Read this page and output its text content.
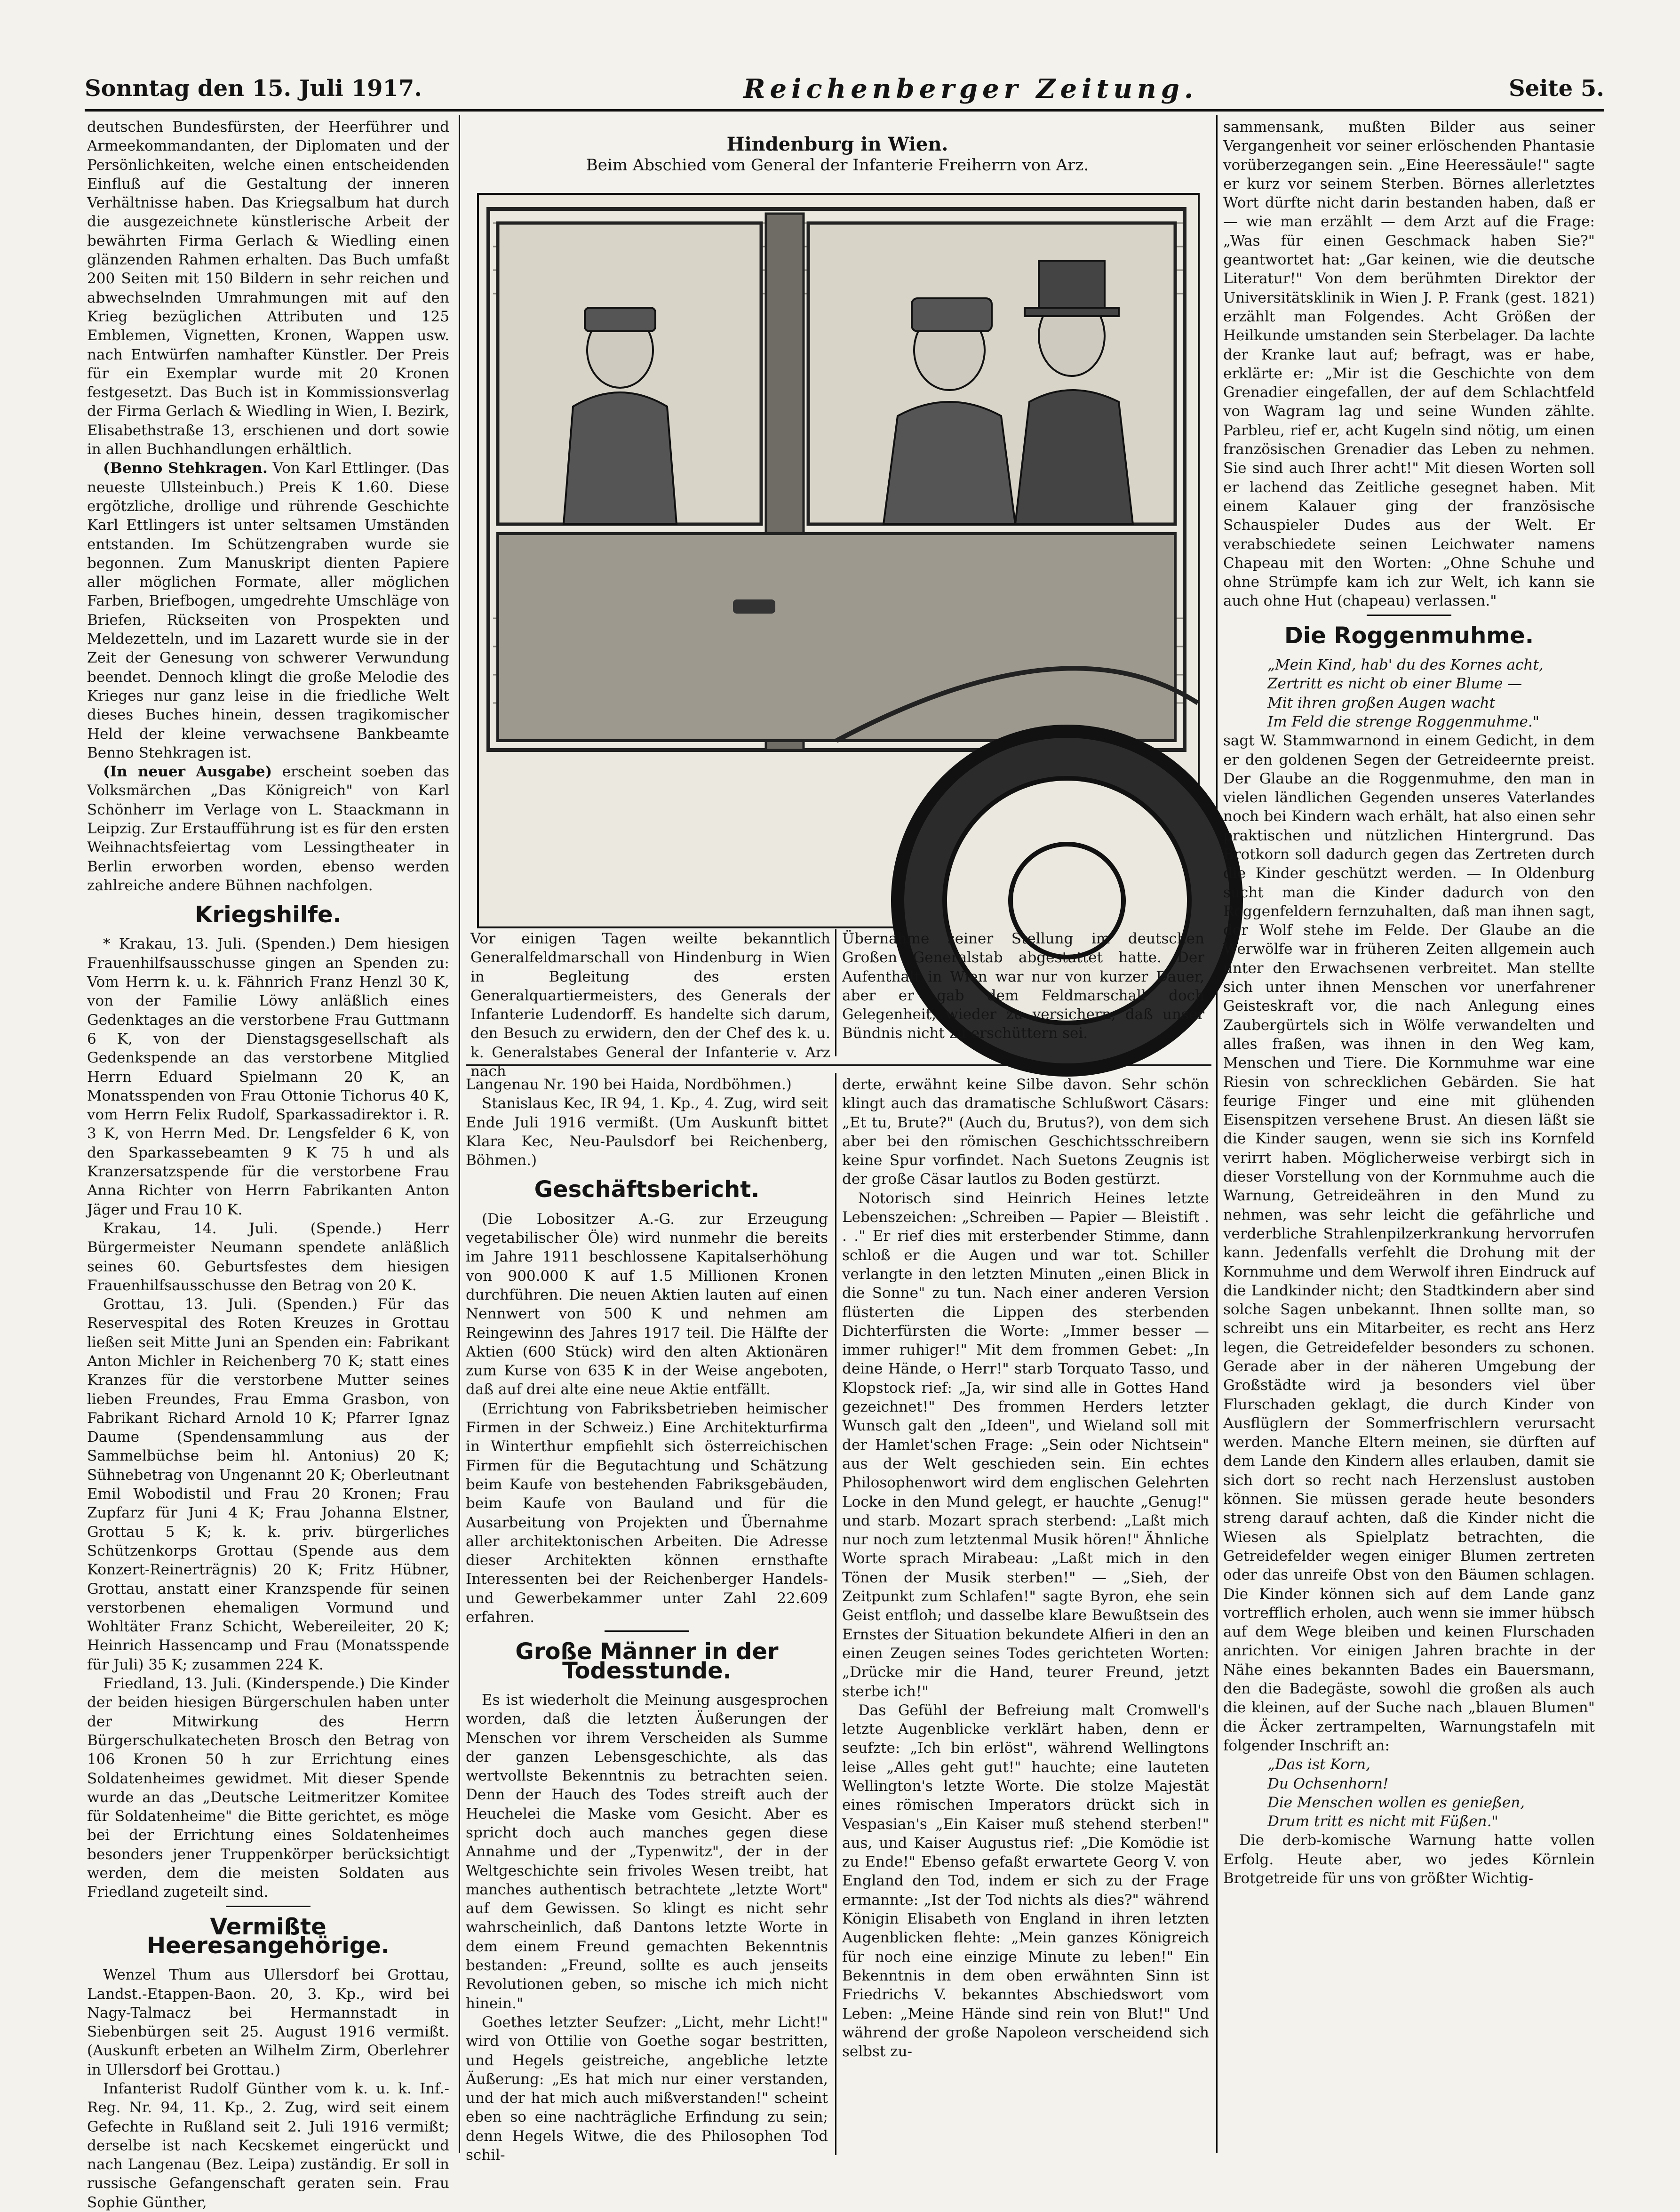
Sonntag den 15. Juli 1917.	Reichenberger Zeitung.	Seite 5.

deutschen Bundesfürsten, der Heerführer und Armeekommandanten, der Diplomaten und der Persönlichkeiten, welche einen entscheidenden Einfluß auf die Gestaltung der inneren Verhältnisse haben. Das Kriegsalbum hat durch die ausgezeichnete künstlerische Arbeit der bewährten Firma Gerlach & Wiedling einen glänzenden Rahmen erhalten. Das Buch umfaßt 200 Seiten mit 150 Bildern in sehr reichen und abwechselnden Umrahmungen mit auf den Krieg bezüglichen Attributen und 125 Emblemen, Vignetten, Kronen, Wappen usw. nach Entwürfen namhafter Künstler. Der Preis für ein Exemplar wurde mit 20 Kronen festgesetzt. Das Buch ist in Kommissionsverlag der Firma Gerlach & Wiedling in Wien, I. Bezirk, Elisabethstraße 13, erschienen und dort sowie in allen Buchhandlungen erhältlich.

(Benno Stehkragen. Von Karl Ettlinger. (Das neueste Ullsteinbuch.) Preis K 1.60. Diese ergötzliche, drollige und rührende Geschichte Karl Ettlingers ist unter seltsamen Umständen entstanden. Im Schützengraben wurde sie begonnen. Zum Manuskript dienten Papiere aller möglichen Formate, aller möglichen Farben, Briefbogen, umgedrehte Umschläge von Briefen, Rückseiten von Prospekten und Meldezetteln, und im Lazarett wurde sie in der Zeit der Genesung von schwerer Verwundung beendet. Dennoch klingt die große Melodie des Krieges nur ganz leise in die friedliche Welt dieses Buches hinein, dessen tragikomischer Held der kleine verwachsene Bankbeamte Benno Stehkragen ist.

(In neuer Ausgabe) erscheint soeben das Volksmärchen „Das Königreich" von Karl Schönherr im Verlage von L. Staackmann in Leipzig. Zur Erstaufführung ist es für den ersten Weihnachtsfeiertag vom Lessingtheater in Berlin erworben worden, ebenso werden zahlreiche andere Bühnen nachfolgen.

Kriegshilfe.

* Krakau, 13. Juli. (Spenden.) Dem hiesigen Frauenhilfsausschusse gingen an Spenden zu: Vom Herrn k. u. k. Fähnrich Franz Henzl 30 K, von der Familie Löwy anläßlich eines Gedenktages an die verstorbene Frau Guttmann 6 K, von der Dienstagsgesellschaft als Gedenkspende an das verstorbene Mitglied Herrn Eduard Spielmann 20 K, an Monatsspenden von Frau Ottonie Tichorus 40 K, vom Herrn Felix Rudolf, Sparkassadirektor i. R. 3 K, von Herrn Med. Dr. Lengsfelder 6 K, von den Sparkassebeamten 9 K 75 h und als Kranzersatzspende für die verstorbene Frau Anna Richter von Herrn Fabrikanten Anton Jäger und Frau 10 K.

Krakau, 14. Juli. (Spende.) Herr Bürgermeister Neumann spendete anläßlich seines 60. Geburtsfestes dem hiesigen Frauenhilfsausschusse den Betrag von 20 K.

Grottau, 13. Juli. (Spenden.) Für das Reservespital des Roten Kreuzes in Grottau ließen seit Mitte Juni an Spenden ein: Fabrikant Anton Michler in Reichenberg 70 K; statt eines Kranzes für die verstorbene Mutter seines lieben Freundes, Frau Emma Grasbon, von Fabrikant Richard Arnold 10 K; Pfarrer Ignaz Daume (Spendensammlung aus der Sammelbüchse beim hl. Antonius) 20 K; Sühnebetrag von Ungenannt 20 K; Oberleutnant Emil Wobodistil und Frau 20 Kronen; Frau Zupfarz für Juni 4 K; Frau Johanna Elstner, Grottau 5 K; k. k. priv. bürgerliches Schützenkorps Grottau (Spende aus dem Konzert-Reinerträgnis) 20 K; Fritz Hübner, Grottau, anstatt einer Kranzspende für seinen verstorbenen ehemaligen Vormund und Wohltäter Franz Schicht, Webereileiter, 20 K; Heinrich Hassencamp und Frau (Monatsspende für Juli) 35 K; zusammen 224 K.

Friedland, 13. Juli. (Kinderspende.) Die Kinder der beiden hiesigen Bürgerschulen haben unter der Mitwirkung des Herrn Bürgerschulkatecheten Brosch den Betrag von 106 Kronen 50 h zur Errichtung eines Soldatenheimes gewidmet. Mit dieser Spende wurde an das „Deutsche Leitmeritzer Komitee für Soldatenheime" die Bitte gerichtet, es möge bei der Errichtung eines Soldatenheimes besonders jener Truppenkörper berücksichtigt werden, dem die meisten Soldaten aus Friedland zugeteilt sind.

Vermißte Heeresangehörige.

Wenzel Thum aus Ullersdorf bei Grottau, Landst.-Etappen-Baon. 20, 3. Kp., wird bei Nagy-Talmacz bei Hermannstadt in Siebenbürgen seit 25. August 1916 vermißt. (Auskunft erbeten an Wilhelm Zirm, Oberlehrer in Ullersdorf bei Grottau.)

Infanterist Rudolf Günther vom k. u. k. Inf.-Reg. Nr. 94, 11. Kp., 2. Zug, wird seit einem Gefechte in Rußland seit 2. Juli 1916 vermißt; derselbe ist nach Kecskemet eingerückt und nach Langenau (Bez. Leipa) zuständig. Er soll in russische Gefangenschaft geraten sein. Frau Sophie Günther,

Hindenburg in Wien.
Beim Abschied vom General der Infanterie Freiherrn von Arz.
Vor einigen Tagen weilte bekanntlich Generalfeldmarschall von Hindenburg in Wien in Begleitung des ersten Generalquartiermeisters, des Generals der Infanterie Ludendorff. Es handelte sich darum, den Besuch zu erwidern, den der Chef des k. u. k. Generalstabes General der Infanterie v. Arz nach
Übernahme seiner Stellung im deutschen Großen Generalstab abgestattet hatte. Der Aufenthalt in Wien war nur von kurzer Dauer, aber er gab dem Feldmarschall doch Gelegenheit, wieder zu versichern, daß unser Bündnis nicht zu erschüttern sei.

Langenau Nr. 190 bei Haida, Nordböhmen.)

Stanislaus Kec, IR 94, 1. Kp., 4. Zug, wird seit Ende Juli 1916 vermißt. (Um Auskunft bittet Klara Kec, Neu-Paulsdorf bei Reichenberg, Böhmen.)

Geschäftsbericht.

(Die Lobositzer A.-G. zur Erzeugung vegetabilischer Öle) wird nunmehr die bereits im Jahre 1911 beschlossene Kapitalserhöhung von 900.000 K auf 1.5 Millionen Kronen durchführen. Die neuen Aktien lauten auf einen Nennwert von 500 K und nehmen am Reingewinn des Jahres 1917 teil. Die Hälfte der Aktien (600 Stück) wird den alten Aktionären zum Kurse von 635 K in der Weise angeboten, daß auf drei alte eine neue Aktie entfällt.

(Errichtung von Fabriksbetrieben heimischer Firmen in der Schweiz.) Eine Architekturfirma in Winterthur empfiehlt sich österreichischen Firmen für die Begutachtung und Schätzung beim Kaufe von bestehenden Fabriksgebäuden, beim Kaufe von Bauland und für die Ausarbeitung von Projekten und Übernahme aller architektonischen Arbeiten. Die Adresse dieser Architekten können ernsthafte Interessenten bei der Reichenberger Handels- und Gewerbekammer unter Zahl 22.609 erfahren.

Große Männer in der Todesstunde.

Es ist wiederholt die Meinung ausgesprochen worden, daß die letzten Äußerungen der Menschen vor ihrem Verscheiden als Summe der ganzen Lebensgeschichte, als das wertvollste Bekenntnis zu betrachten seien. Denn der Hauch des Todes streift auch der Heuchelei die Maske vom Gesicht. Aber es spricht doch auch manches gegen diese Annahme und der „Typenwitz", der in der Weltgeschichte sein frivoles Wesen treibt, hat manches authentisch betrachtete „letzte Wort" auf dem Gewissen. So klingt es nicht sehr wahrscheinlich, daß Dantons letzte Worte in dem einem Freund gemachten Bekenntnis bestanden: „Freund, sollte es auch jenseits Revolutionen geben, so mische ich mich nicht hinein."

Goethes letzter Seufzer: „Licht, mehr Licht!" wird von Ottilie von Goethe sogar bestritten, und Hegels geistreiche, angebliche letzte Äußerung: „Es hat mich nur einer verstanden, und der hat mich auch mißverstanden!" scheint eben so eine nachträgliche Erfindung zu sein; denn Hegels Witwe, die des Philosophen Tod schil-

derte, erwähnt keine Silbe davon. Sehr schön klingt auch das dramatische Schlußwort Cäsars: „Et tu, Brute?" (Auch du, Brutus?), von dem sich aber bei den römischen Geschichtsschreibern keine Spur vorfindet. Nach Suetons Zeugnis ist der große Cäsar lautlos zu Boden gestürzt.

Notorisch sind Heinrich Heines letzte Lebenszeichen: „Schreiben — Papier — Bleistift . . ." Er rief dies mit ersterbender Stimme, dann schloß er die Augen und war tot. Schiller verlangte in den letzten Minuten „einen Blick in die Sonne" zu tun. Nach einer anderen Version flüsterten die Lippen des sterbenden Dichterfürsten die Worte: „Immer besser — immer ruhiger!" Mit dem frommen Gebet: „In deine Hände, o Herr!" starb Torquato Tasso, und Klopstock rief: „Ja, wir sind alle in Gottes Hand gezeichnet!" Des frommen Herders letzter Wunsch galt den „Ideen", und Wieland soll mit der Hamlet'schen Frage: „Sein oder Nichtsein" aus der Welt geschieden sein. Ein echtes Philosophenwort wird dem englischen Gelehrten Locke in den Mund gelegt, er hauchte „Genug!" und starb. Mozart sprach sterbend: „Laßt mich nur noch zum letztenmal Musik hören!" Ähnliche Worte sprach Mirabeau: „Laßt mich in den Tönen der Musik sterben!" — „Sieh, der Zeitpunkt zum Schlafen!" sagte Byron, ehe sein Geist entfloh; und dasselbe klare Bewußtsein des Ernstes der Situation bekundete Alfieri in den an einen Zeugen seines Todes gerichteten Worten: „Drücke mir die Hand, teurer Freund, jetzt sterbe ich!"

Das Gefühl der Befreiung malt Cromwell's letzte Augenblicke verklärt haben, denn er seufzte: „Ich bin erlöst", während Wellingtons leise „Alles geht gut!" hauchte; eine lauteten Wellington's letzte Worte. Die stolze Majestät eines römischen Imperators drückt sich in Vespasian's „Ein Kaiser muß stehend sterben!" aus, und Kaiser Augustus rief: „Die Komödie ist zu Ende!" Ebenso gefaßt erwartete Georg V. von England den Tod, indem er sich zu der Frage ermannte: „Ist der Tod nichts als dies?" während Königin Elisabeth von England in ihren letzten Augenblicken flehte: „Mein ganzes Königreich für noch eine einzige Minute zu leben!" Ein Bekenntnis in dem oben erwähnten Sinn ist Friedrichs V. bekanntes Abschiedswort vom Leben: „Meine Hände sind rein von Blut!" Und während der große Napoleon verscheidend sich selbst zu-

sammensank, mußten Bilder aus seiner Vergangenheit vor seiner erlöschenden Phantasie vorüberzegangen sein. „Eine Heeressäule!" sagte er kurz vor seinem Sterben. Börnes allerletztes Wort dürfte nicht darin bestanden haben, daß er — wie man erzählt — dem Arzt auf die Frage: „Was für einen Geschmack haben Sie?" geantwortet hat: „Gar keinen, wie die deutsche Literatur!" Von dem berühmten Direktor der Universitätsklinik in Wien J. P. Frank (gest. 1821) erzählt man Folgendes. Acht Größen der Heilkunde umstanden sein Sterbelager. Da lachte der Kranke laut auf; befragt, was er habe, erklärte er: „Mir ist die Geschichte von dem Grenadier eingefallen, der auf dem Schlachtfeld von Wagram lag und seine Wunden zählte. Parbleu, rief er, acht Kugeln sind nötig, um einen französischen Grenadier das Leben zu nehmen. Sie sind auch Ihrer acht!" Mit diesen Worten soll er lachend das Zeitliche gesegnet haben. Mit einem Kalauer ging der französische Schauspieler Dudes aus der Welt. Er verabschiedete seinen Leichwater namens Chapeau mit den Worten: „Ohne Schuhe und ohne Strümpfe kam ich zur Welt, ich kann sie auch ohne Hut (chapeau) verlassen."

Die Roggenmuhme.

„Mein Kind, hab' du des Kornes acht,

Zertritt es nicht ob einer Blume —

Mit ihren großen Augen wacht

Im Feld die strenge Roggenmuhme."

sagt W. Stammwarnond in einem Gedicht, in dem er den goldenen Segen der Getreideernte preist. Der Glaube an die Roggenmuhme, den man in vielen ländlichen Gegenden unseres Vaterlandes noch bei Kindern wach erhält, hat also einen sehr praktischen und nützlichen Hintergrund. Das Brotkorn soll dadurch gegen das Zertreten durch die Kinder geschützt werden. — In Oldenburg sucht man die Kinder dadurch von den Roggenfeldern fernzuhalten, daß man ihnen sagt, der Wolf stehe im Felde. Der Glaube an die Werwölfe war in früheren Zeiten allgemein auch unter den Erwachsenen verbreitet. Man stellte sich unter ihnen Menschen vor unerfahrener Geisteskraft vor, die nach Anlegung eines Zaubergürtels sich in Wölfe verwandelten und alles fraßen, was ihnen in den Weg kam, Menschen und Tiere. Die Kornmuhme war eine Riesin von schrecklichen Gebärden. Sie hat feurige Finger und eine mit glühenden Eisenspitzen versehene Brust. An diesen läßt sie die Kinder saugen, wenn sie sich ins Kornfeld verirrt haben. Möglicherweise verbirgt sich in dieser Vorstellung von der Kornmuhme auch die Warnung, Getreideähren in den Mund zu nehmen, was sehr leicht die gefährliche und verderbliche Strahlenpilzerkrankung hervorrufen kann. Jedenfalls verfehlt die Drohung mit der Kornmuhme und dem Werwolf ihren Eindruck auf die Landkinder nicht; den Stadtkindern aber sind solche Sagen unbekannt. Ihnen sollte man, so schreibt uns ein Mitarbeiter, es recht ans Herz legen, die Getreidefelder besonders zu schonen. Gerade aber in der näheren Umgebung der Großstädte wird ja besonders viel über Flurschaden geklagt, die durch Kinder von Ausflüglern der Sommerfrischlern verursacht werden. Manche Eltern meinen, sie dürften auf dem Lande den Kindern alles erlauben, damit sie sich dort so recht nach Herzenslust austoben können. Sie müssen gerade heute besonders streng darauf achten, daß die Kinder nicht die Wiesen als Spielplatz betrachten, die Getreidefelder wegen einiger Blumen zertreten oder das unreife Obst von den Bäumen schlagen. Die Kinder können sich auf dem Lande ganz vortrefflich erholen, auch wenn sie immer hübsch auf dem Wege bleiben und keinen Flurschaden anrichten. Vor einigen Jahren brachte in der Nähe eines bekannten Bades ein Bauersmann, den die Badegäste, sowohl die großen als auch die kleinen, auf der Suche nach „blauen Blumen" die Äcker zertrampelten, Warnungstafeln mit folgender Inschrift an:

„Das ist Korn,

Du Ochsenhorn!

Die Menschen wollen es genießen,

Drum tritt es nicht mit Füßen."

Die derb-komische Warnung hatte vollen Erfolg. Heute aber, wo jedes Körnlein Brotgetreide für uns von größter Wichtig-
